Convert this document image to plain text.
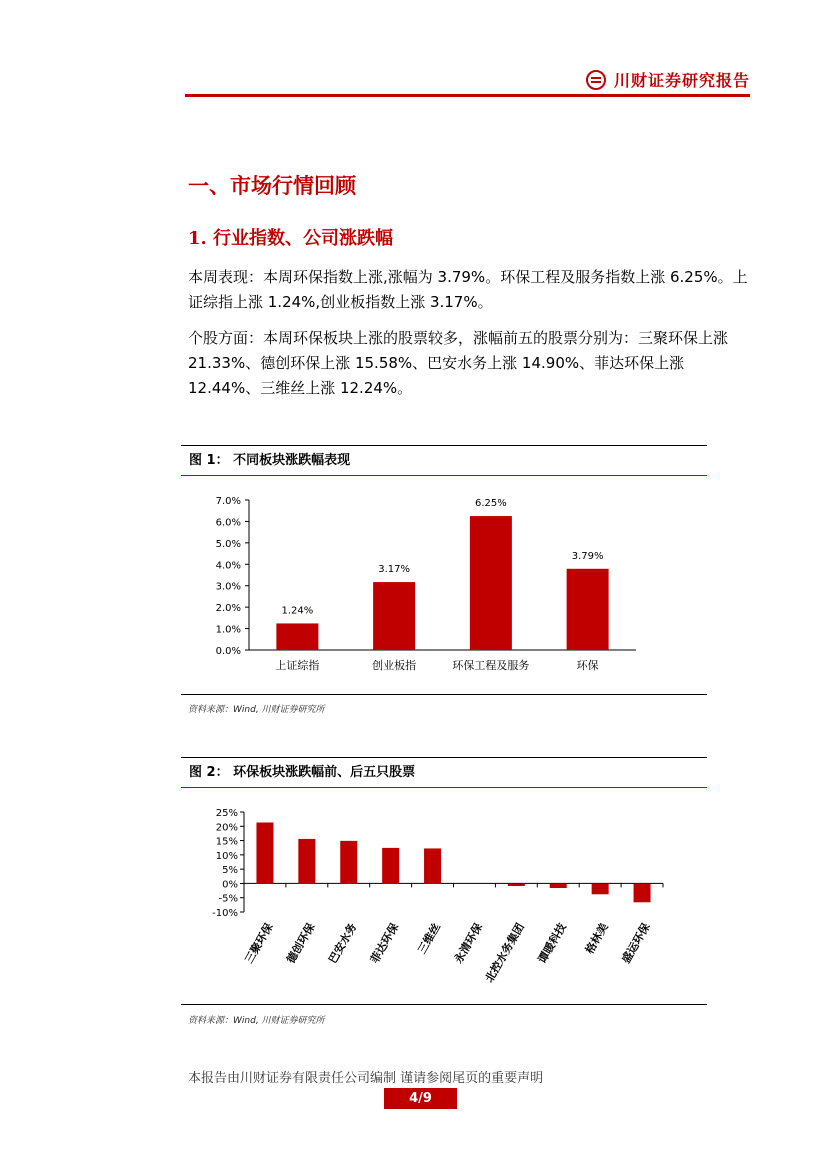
川财证券研究报告
一、市场行情回顾
1. 行业指数、公司涨跌幅
本周表现：本周环保指数上涨,涨幅为 3.79%。环保工程及服务指数上涨 6.25%。上证综指上涨 1.24%,创业板指数上涨 3.17%。
个股方面：本周环保板块上涨的股票较多，涨幅前五的股票分别为：三聚环保上涨 21.33%、德创环保上涨 15.58%、巴安水务上涨 14.90%、菲达环保上涨 12.44%、三维丝上涨 12.24%。
图 1： 不同板块涨跌幅表现
0.0%
1.0%
2.0%
3.0%
4.0%
5.0%
6.0%
7.0%
1.24%
上证综指
3.17%
创业板指
6.25%
环保工程及服务
3.79%
环保
资料来源：Wind, 川财证券研究所
图 2： 环保板块涨跌幅前、后五只股票
-10%
-5%
0%
5%
10%
15%
20%
25%
三聚环保 德创环保 巴安水务 菲达环保 三维丝 永清环保
北控水务集团 谭暖科技 格林美 盛运环保
资料来源：Wind, 川财证券研究所
本报告由川财证券有限责任公司编制 谨请参阅尾页的重要声明
4/9
